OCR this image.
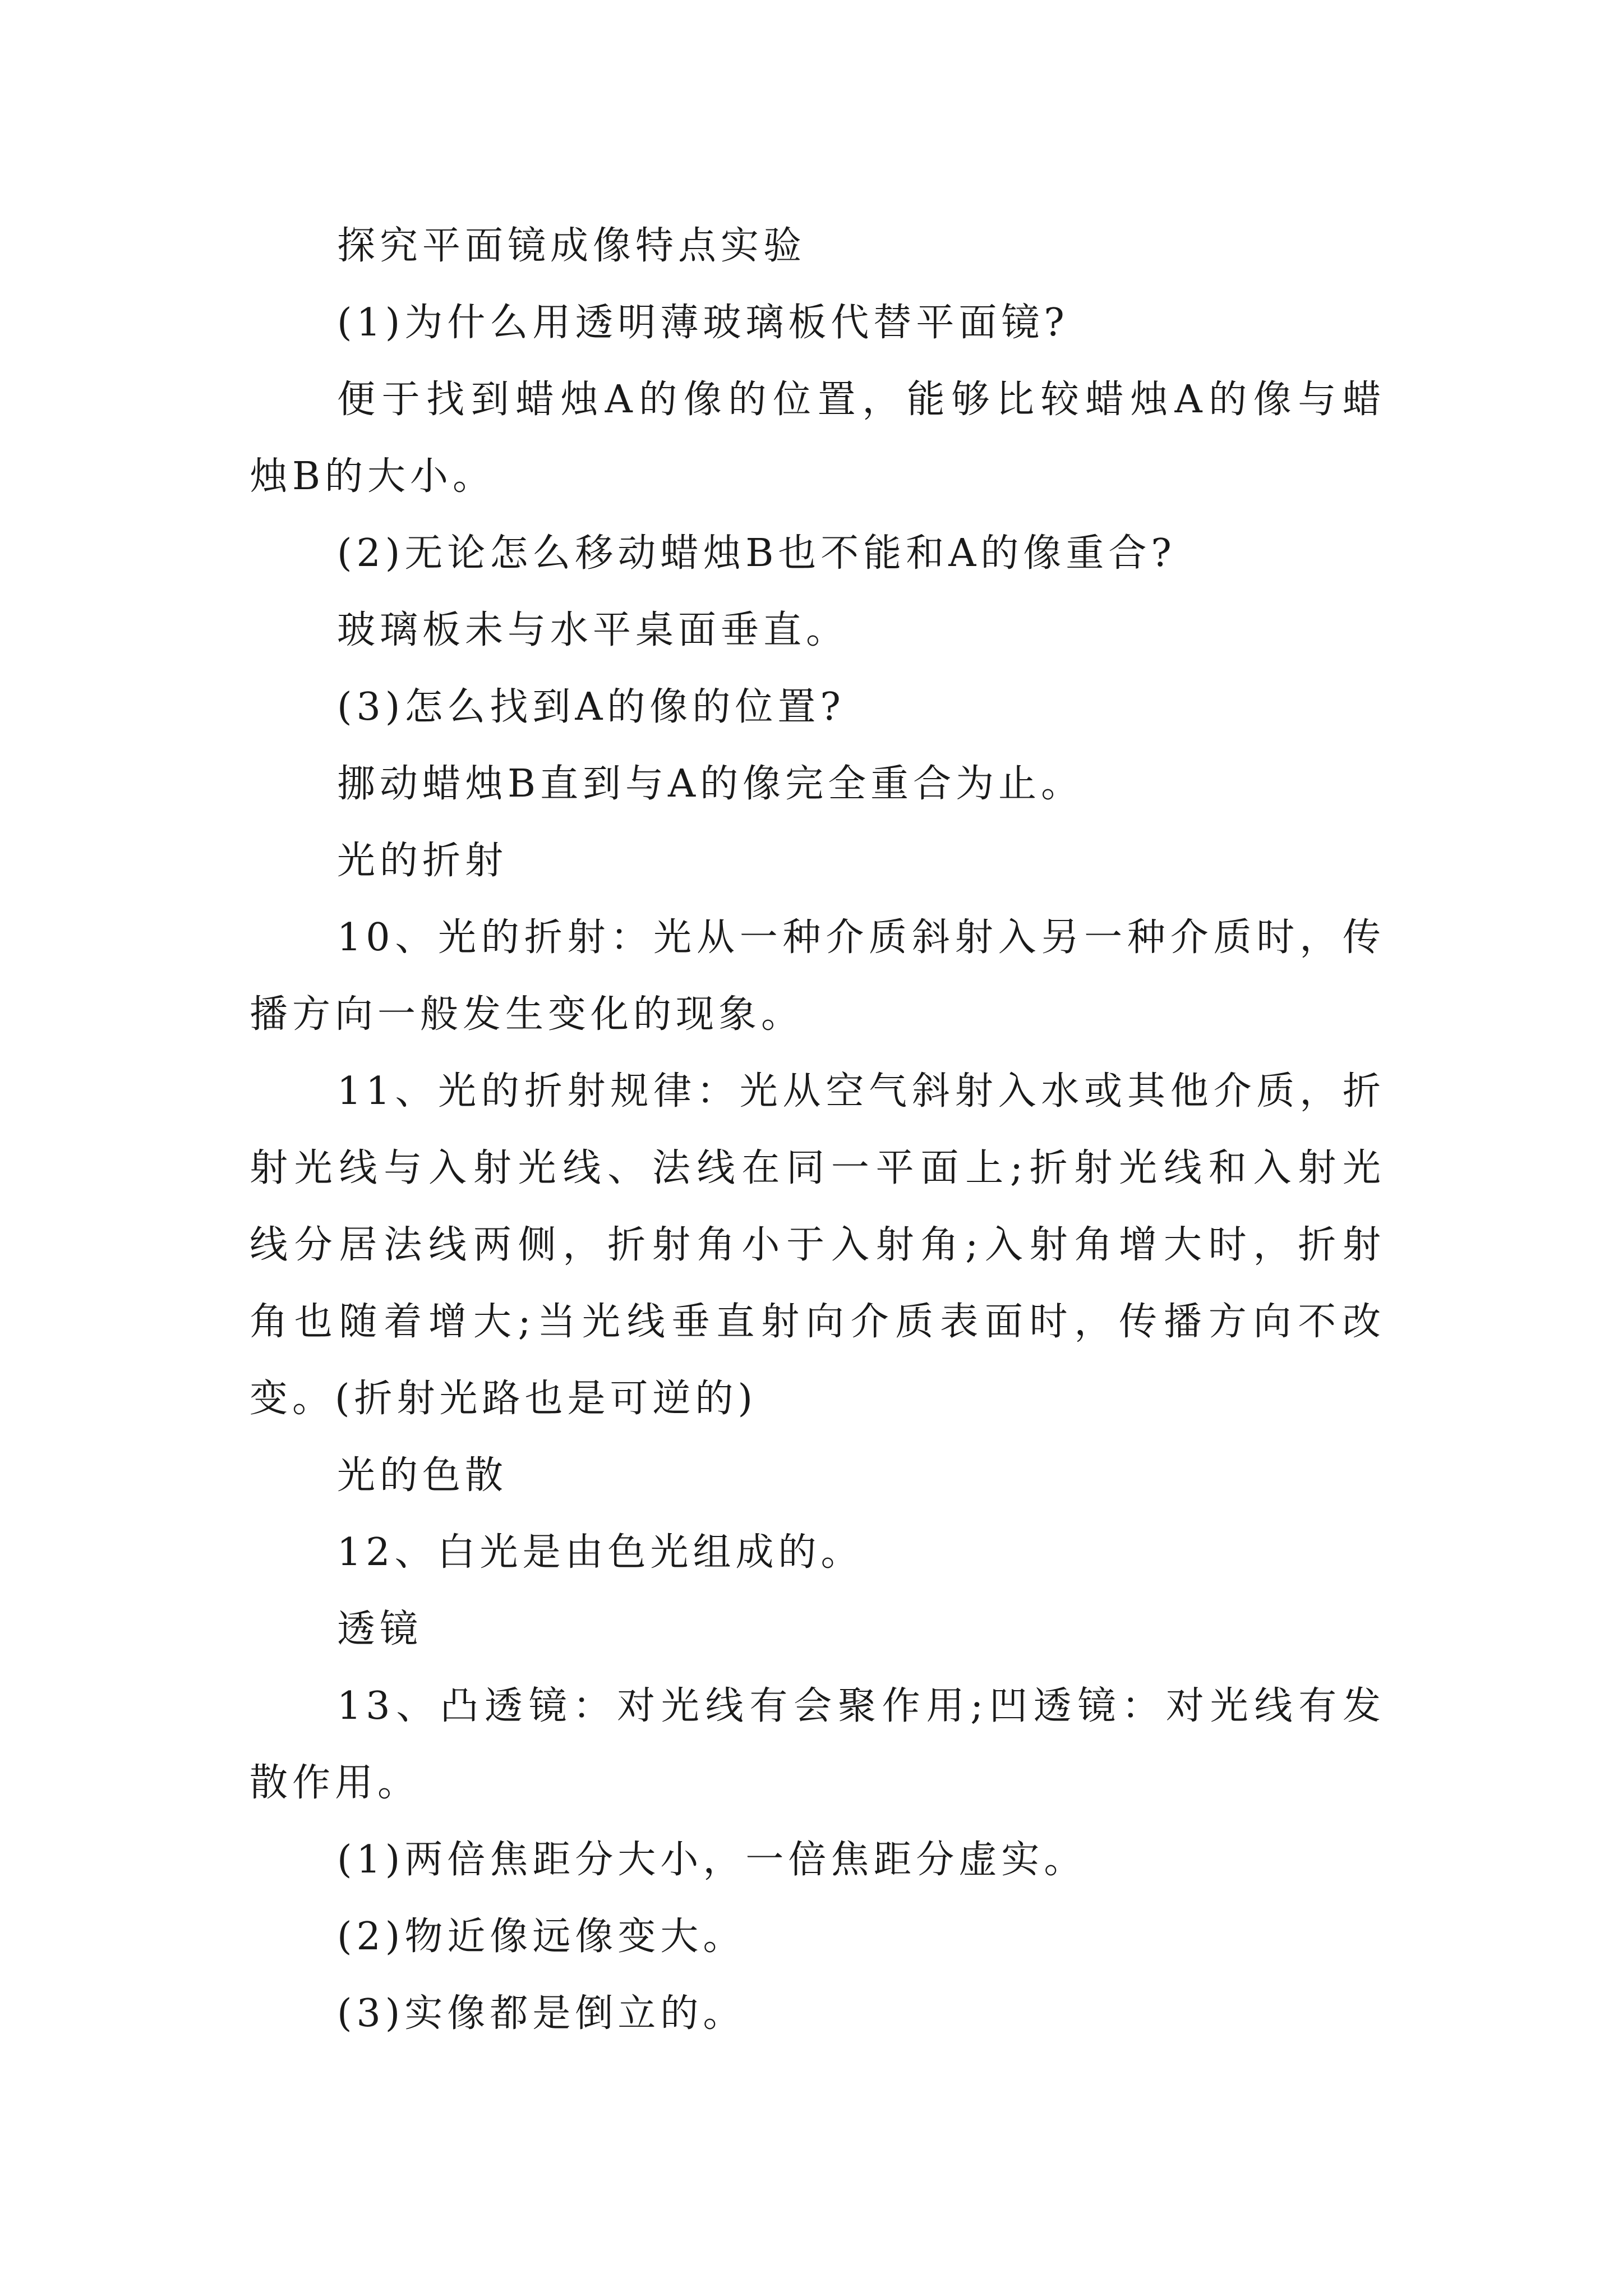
探究平面镜成像特点实验
(1)为什么用透明薄玻璃板代替平面镜?
便于找到蜡烛A的像的位置，能够比较蜡烛A的像与蜡
烛B的大小。
(2)无论怎么移动蜡烛B也不能和A的像重合?
玻璃板未与水平桌面垂直。
(3)怎么找到A的像的位置?
挪动蜡烛B直到与A的像完全重合为止。
光的折射
10、光的折射：光从一种介质斜射入另一种介质时，传
播方向一般发生变化的现象。
11、光的折射规律：光从空气斜射入水或其他介质，折
射光线与入射光线、法线在同一平面上;折射光线和入射光
线分居法线两侧，折射角小于入射角;入射角增大时，折射
角也随着增大;当光线垂直射向介质表面时，传播方向不改
变。(折射光路也是可逆的)
光的色散
12、白光是由色光组成的。
透镜
13、凸透镜：对光线有会聚作用;凹透镜：对光线有发
散作用。
(1)两倍焦距分大小，一倍焦距分虚实。
(2)物近像远像变大。
(3)实像都是倒立的。
